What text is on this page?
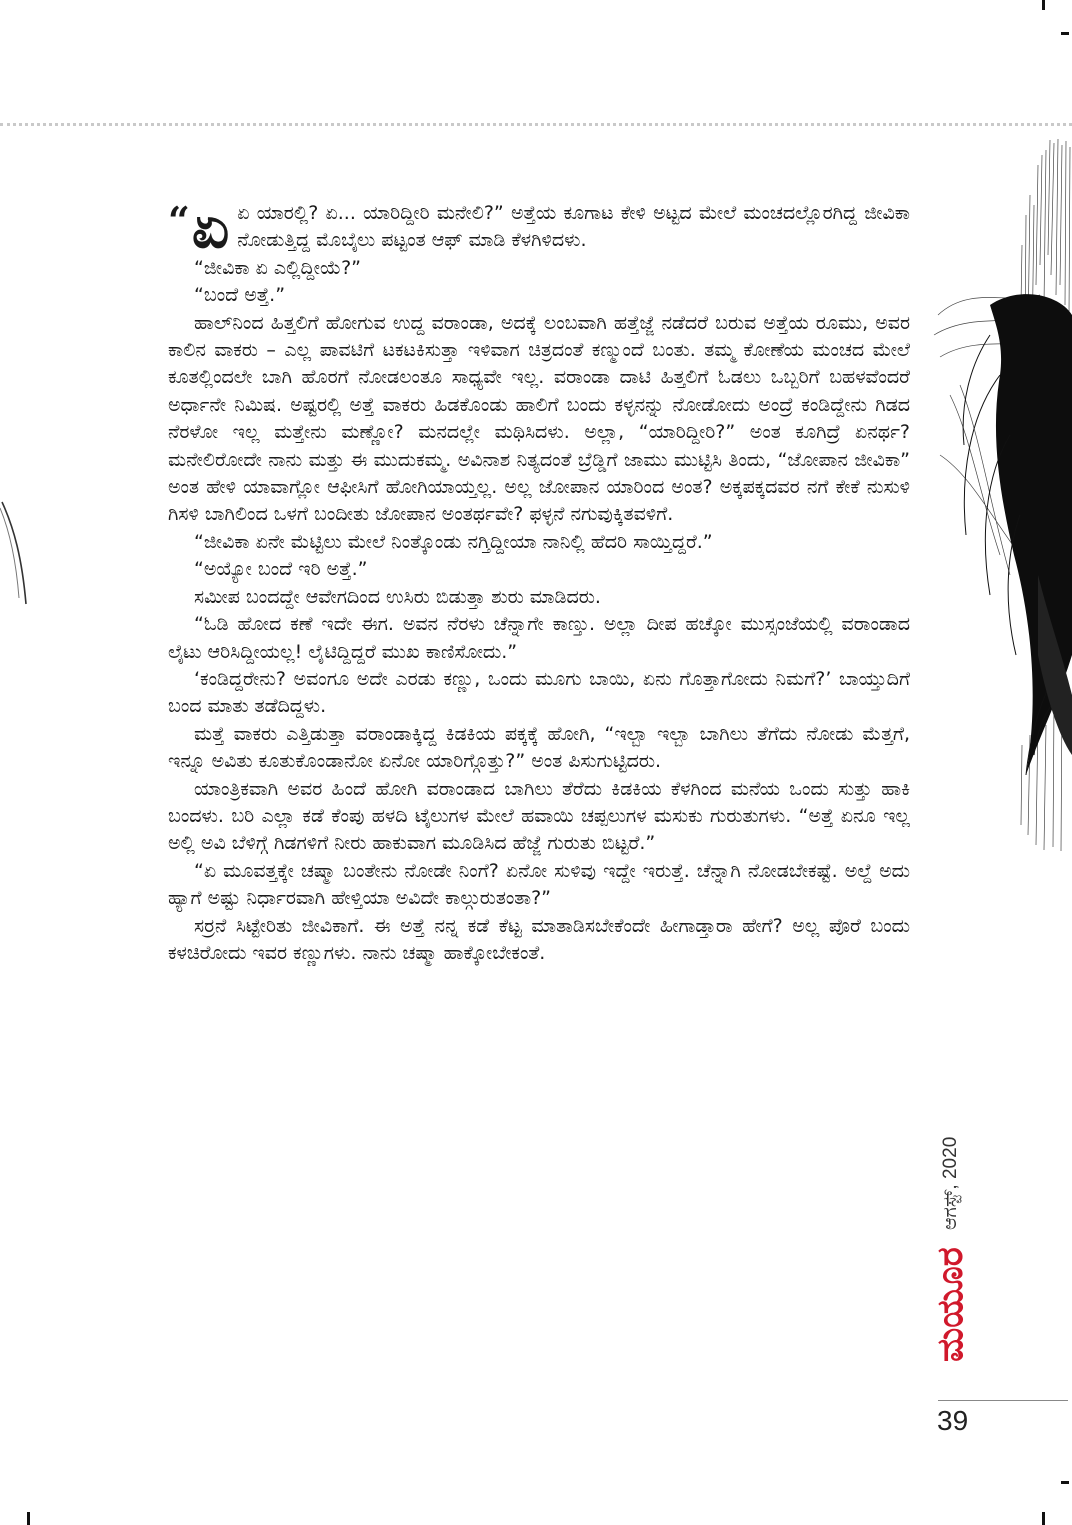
“ ಏ ಏ ಯಾರಲ್ಲಿ? ಏ... ಯಾರಿದ್ದೀರಿ ಮನೇಲಿ?” ಅತ್ತೆಯ ಕೂಗಾಟ ಕೇಳಿ ಅಟ್ಟದ ಮೇಲೆ ಮಂಚದಲ್ಲೊರಗಿದ್ದ ಜೀವಿಕಾ ನೋಡುತ್ತಿದ್ದ ಮೊಬೈಲು ಪಟ್ಟಂತ ಆಫ್ ಮಾಡಿ ಕೆಳಗಿಳಿದಳು.

“ಜೀವಿಕಾ ಏ ಎಲ್ಲಿದ್ದೀಯೆ?”

“ಬಂದೆ ಅತ್ತೆ.”

ಹಾಲ್‌ನಿಂದ ಹಿತ್ತಲಿಗೆ ಹೋಗುವ ಉದ್ದ ವರಾಂಡಾ, ಅದಕ್ಕೆ ಲಂಬವಾಗಿ ಹತ್ತೆಜ್ಜೆ ನಡೆದರೆ ಬರುವ ಅತ್ತೆಯ ರೂಮು, ಅವರ ಕಾಲಿನ ವಾಕರು – ಎಲ್ಲ ಪಾವಟಿಗೆ ಟಕಟಕಿಸುತ್ತಾ ಇಳಿವಾಗ ಚಿತ್ರದಂತೆ ಕಣ್ಮುಂದೆ ಬಂತು. ತಮ್ಮ ಕೋಣೆಯ ಮಂಚದ ಮೇಲೆ ಕೂತಲ್ಲಿಂದಲೇ ಬಾಗಿ ಹೊರಗೆ ನೋಡಲಂತೂ ಸಾಧ್ಯವೇ ಇಲ್ಲ. ವರಾಂಡಾ ದಾಟಿ ಹಿತ್ತಲಿಗೆ ಓಡಲು ಒಬ್ಬರಿಗೆ ಬಹಳವೆಂದರೆ ಅರ್ಧಾನೇ ನಿಮಿಷ. ಅಷ್ಟರಲ್ಲಿ ಅತ್ತೆ ವಾಕರು ಹಿಡಕೊಂಡು ಹಾಲಿಗೆ ಬಂದು ಕಳ್ಳನನ್ನು ನೋಡೋದು ಅಂದ್ರೆ ಕಂಡಿದ್ದೇನು ಗಿಡದ ನೆರಳೋ ಇಲ್ಲ ಮತ್ತೇನು ಮಣ್ಣೋ? ಮನದಲ್ಲೇ ಮಥಿಸಿದಳು. ಅಲ್ಲಾ, “ಯಾರಿದ್ದೀರಿ?” ಅಂತ ಕೂಗಿದ್ರೆ ಏನರ್ಥ? ಮನೇಲಿರೋದೇ ನಾನು ಮತ್ತು ಈ ಮುದುಕಮ್ಮ. ಅವಿನಾಶ ನಿತ್ಯದಂತೆ ಬ್ರೆಡ್ಡಿಗೆ ಜಾಮು ಮುಟ್ಟಿಸಿ ತಿಂದು, “ಜೋಪಾನ ಜೀವಿಕಾ” ಅಂತ ಹೇಳಿ ಯಾವಾಗ್ಲೋ ಆಫೀಸಿಗೆ ಹೋಗಿಯಾಯ್ತಲ್ಲ. ಅಲ್ಲ ಜೋಪಾನ ಯಾರಿಂದ ಅಂತ? ಅಕ್ಕಪಕ್ಕದವರ ನಗೆ ಕೇಕೆ ನುಸುಳಿ ಗಿಸಳಿ ಬಾಗಿಲಿಂದ ಒಳಗೆ ಬಂದೀತು ಜೋಪಾನ ಅಂತರ್ಥವೇ? ಫಳ್ಳನೆ ನಗುವುಕ್ಕಿತವಳಿಗೆ.

“ಜೀವಿಕಾ ಏನೇ ಮೆಟ್ಟಿಲು ಮೇಲೆ ನಿಂತ್ಕೊಂಡು ನಗ್ತಿದ್ದೀಯಾ ನಾನಿಲ್ಲಿ ಹೆದರಿ ಸಾಯ್ತಿದ್ದರೆ.”

“ಅಯ್ಯೋ ಬಂದೆ ಇರಿ ಅತ್ತೆ.”

ಸಮೀಪ ಬಂದದ್ದೇ ಆವೇಗದಿಂದ ಉಸಿರು ಬಿಡುತ್ತಾ ಶುರು ಮಾಡಿದರು.

“ಓಡಿ ಹೋದ ಕಣೆ ಇದೇ ಈಗ. ಅವನ ನೆರಳು ಚೆನ್ನಾಗೇ ಕಾಣ್ತು. ಅಲ್ಲಾ ದೀಪ ಹಚ್ಕೋ ಮುಸ್ಸಂಜೆಯಲ್ಲಿ ವರಾಂಡಾದ ಲೈಟು ಆರಿಸಿದ್ದೀಯಲ್ಲ! ಲೈಟಿದ್ದಿದ್ದರೆ ಮುಖ ಕಾಣಿಸೋದು.”

‘ಕಂಡಿದ್ದರೇನು? ಅವಂಗೂ ಅದೇ ಎರಡು ಕಣ್ಣು, ಒಂದು ಮೂಗು ಬಾಯಿ, ಏನು ಗೊತ್ತಾಗೋದು ನಿಮಗೆ?’ ಬಾಯ್ತುದಿಗೆ ಬಂದ ಮಾತು ತಡೆದಿದ್ದಳು.

ಮತ್ತೆ ವಾಕರು ಎತ್ತಿಡುತ್ತಾ ವರಾಂಡಾಕ್ಕಿದ್ದ ಕಿಡಕಿಯ ಪಕ್ಕಕ್ಕೆ ಹೋಗಿ, “ಇಲ್ಬಾ ಇಲ್ಬಾ ಬಾಗಿಲು ತೆಗೆದು ನೋಡು ಮೆತ್ತಗೆ, ಇನ್ನೂ ಅವಿತು ಕೂತುಕೊಂಡಾನೋ ಏನೋ ಯಾರಿಗ್ಗೊತ್ತು?” ಅಂತ ಪಿಸುಗುಟ್ಟಿದರು.

ಯಾಂತ್ರಿಕವಾಗಿ ಅವರ ಹಿಂದೆ ಹೋಗಿ ವರಾಂಡಾದ ಬಾಗಿಲು ತೆರೆದು ಕಿಡಕಿಯ ಕೆಳಗಿಂದ ಮನೆಯ ಒಂದು ಸುತ್ತು ಹಾಕಿ ಬಂದಳು. ಬರಿ ಎಲ್ಲಾ ಕಡೆ ಕೆಂಪು ಹಳದಿ ಟೈಲುಗಳ ಮೇಲೆ ಹವಾಯಿ ಚಪ್ಪಲುಗಳ ಮಸುಕು ಗುರುತುಗಳು. “ಅತ್ತೆ ಏನೂ ಇಲ್ಲ ಅಲ್ಲಿ ಅವಿ ಬೆಳಿಗ್ಗೆ ಗಿಡಗಳಿಗೆ ನೀರು ಹಾಕುವಾಗ ಮೂಡಿಸಿದ ಹೆಜ್ಜೆ ಗುರುತು ಬಿಟ್ಟರೆ.”

“ಏ ಮೂವತ್ತಕ್ಕೇ ಚಷ್ಮಾ ಬಂತೇನು ನೋಡೇ ನಿಂಗೆ? ಏನೋ ಸುಳಿವು ಇದ್ದೇ ಇರುತ್ತೆ. ಚೆನ್ನಾಗಿ ನೋಡಬೇಕಷ್ಟೆ. ಅಲ್ದೆ ಅದು ಹ್ಯಾಗೆ ಅಷ್ಟು ನಿರ್ಧಾರವಾಗಿ ಹೇಳ್ತಿಯಾ ಅವಿದೇ ಕಾಲ್ಗುರುತಂತಾ?”

ಸರ್ರನೆ ಸಿಟ್ಟೇರಿತು ಜೀವಿಕಾಗೆ. ಈ ಅತ್ತೆ ನನ್ನ ಕಡೆ ಕೆಟ್ಟ ಮಾತಾಡಿಸಬೇಕೆಂದೇ ಹೀಗಾಡ್ತಾರಾ ಹೇಗೆ? ಅಲ್ಲ ಪೊರೆ ಬಂದು ಕಳಚಿರೋದು ಇವರ ಕಣ್ಣುಗಳು. ನಾನು ಚಷ್ಮಾ ಹಾಕ್ಕೋಬೇಕಂತೆ.

ಆಗಸ್ಟ್, 2020
ಮಯೂರ
39
